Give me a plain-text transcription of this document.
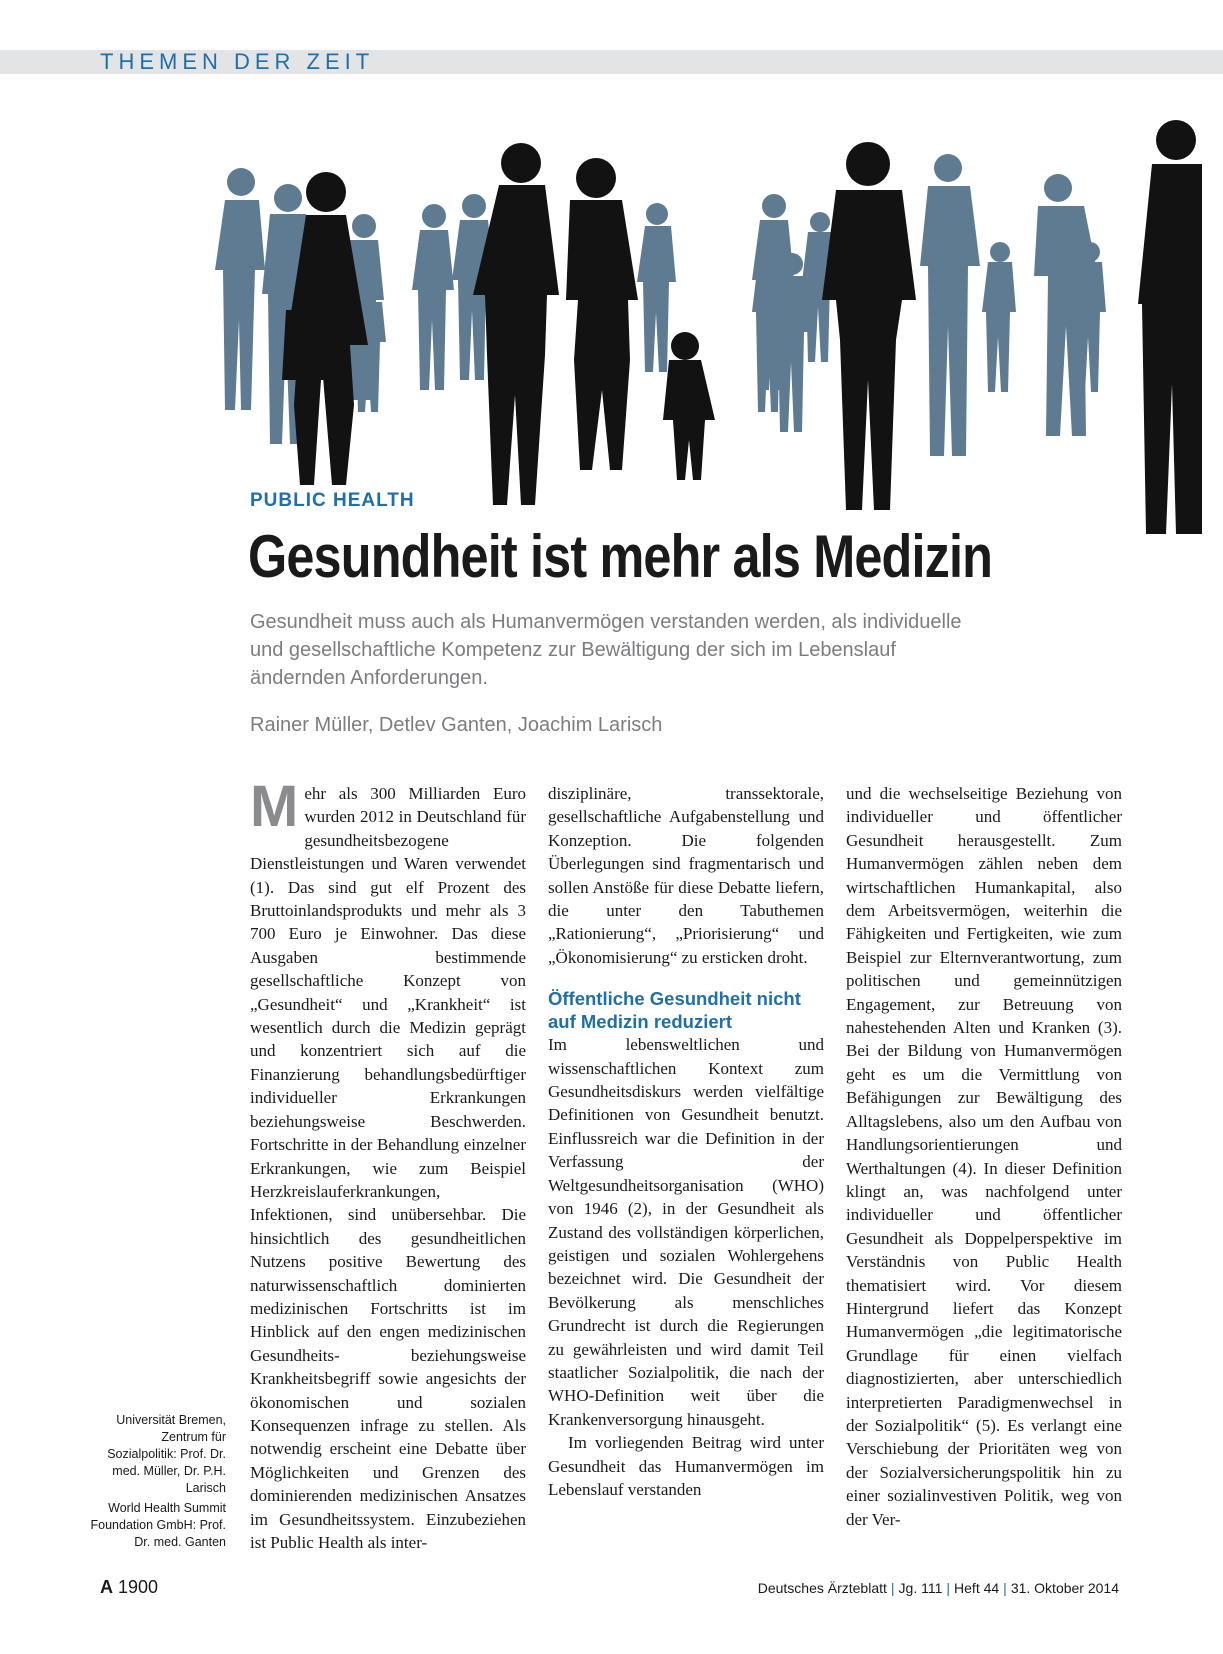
THEMEN DER ZEIT
PUBLIC HEALTH
Gesundheit ist mehr als Medizin

Gesundheit muss auch als Humanvermögen verstanden werden, als individuelle und gesellschaftliche Kompetenz zur Bewältigung der sich im Lebenslauf ändernden Anforderungen.

Rainer Müller, Detlev Ganten, Joachim Larisch
M ehr als 300 Milliarden Euro wurden 2012 in Deutschland für gesundheitsbezogene Dienstleistungen und Waren verwendet (1). Das sind gut elf Prozent des Bruttoinlandsprodukts und mehr als 3 700 Euro je Einwohner. Das diese Ausgaben bestimmende gesellschaftliche Konzept von „Gesundheit“ und „Krankheit“ ist wesentlich durch die Medizin geprägt und konzentriert sich auf die Finanzierung behandlungsbedürftiger individueller Erkrankungen beziehungsweise Beschwerden. Fortschritte in der Behandlung einzelner Erkrankungen, wie zum Beispiel Herzkreislauferkrankungen, Infektionen, sind unübersehbar. Die hinsichtlich des gesundheitlichen Nutzens positive Bewertung des naturwissenschaftlich dominierten medizinischen Fortschritts ist im Hinblick auf den engen medizinischen Gesundheits- beziehungsweise Krankheitsbegriff sowie angesichts der ökonomischen und sozialen Konsequenzen infrage zu stellen. Als notwendig erscheint eine Debatte über Möglichkeiten und Grenzen des dominierenden medizinischen Ansatzes im Gesundheitssystem. Einzubeziehen ist Public Health als inter-

disziplinäre, transsektorale, gesellschaftliche Aufgabenstellung und Konzeption. Die folgenden Überlegungen sind fragmentarisch und sollen Anstöße für diese Debatte liefern, die unter den Tabuthemen „Rationierung“, „Priorisierung“ und „Ökonomisierung“ zu ersticken droht.

Öffentliche Gesundheit nicht auf Medizin reduziert

Im lebensweltlichen und wissenschaftlichen Kontext zum Gesundheitsdiskurs werden vielfältige Definitionen von Gesundheit benutzt. Einflussreich war die Definition in der Verfassung der Weltgesundheitsorganisation (WHO) von 1946 (2), in der Gesundheit als Zustand des vollständigen körperlichen, geistigen und sozialen Wohlergehens bezeichnet wird. Die Gesundheit der Bevölkerung als menschliches Grundrecht ist durch die Regierungen zu gewährleisten und wird damit Teil staatlicher Sozialpolitik, die nach der WHO-Definition weit über die Krankenversorgung hinausgeht.

Im vorliegenden Beitrag wird unter Gesundheit das Humanvermögen im Lebenslauf verstanden

und die wechselseitige Beziehung von individueller und öffentlicher Gesundheit herausgestellt. Zum Humanvermögen zählen neben dem wirtschaftlichen Humankapital, also dem Arbeitsvermögen, weiterhin die Fähigkeiten und Fertigkeiten, wie zum Beispiel zur Elternverantwortung, zum politischen und gemeinnützigen Engagement, zur Betreuung von nahestehenden Alten und Kranken (3). Bei der Bildung von Humanvermögen geht es um die Vermittlung von Befähigungen zur Bewältigung des Alltagslebens, also um den Aufbau von Handlungsorientierungen und Werthaltungen (4). In dieser Definition klingt an, was nachfolgend unter individueller und öffentlicher Gesundheit als Doppelperspektive im Verständnis von Public Health thematisiert wird. Vor diesem Hintergrund liefert das Konzept Humanvermögen „die legitimatorische Grundlage für einen vielfach diagnostizierten, aber unterschiedlich interpretierten Paradigmenwechsel in der Sozialpolitik“ (5). Es verlangt eine Verschiebung der Prioritäten weg von der Sozialversicherungspolitik hin zu einer sozialinvestiven Politik, weg von der Ver-

Universität Bremen, Zentrum für Sozialpolitik: Prof. Dr. med. Müller, Dr. P.H. Larisch

World Health Summit Foundation GmbH: Prof. Dr. med. Ganten

A 1900	Deutsches Ärzteblatt | Jg. 111 | Heft 44 | 31. Oktober 2014
